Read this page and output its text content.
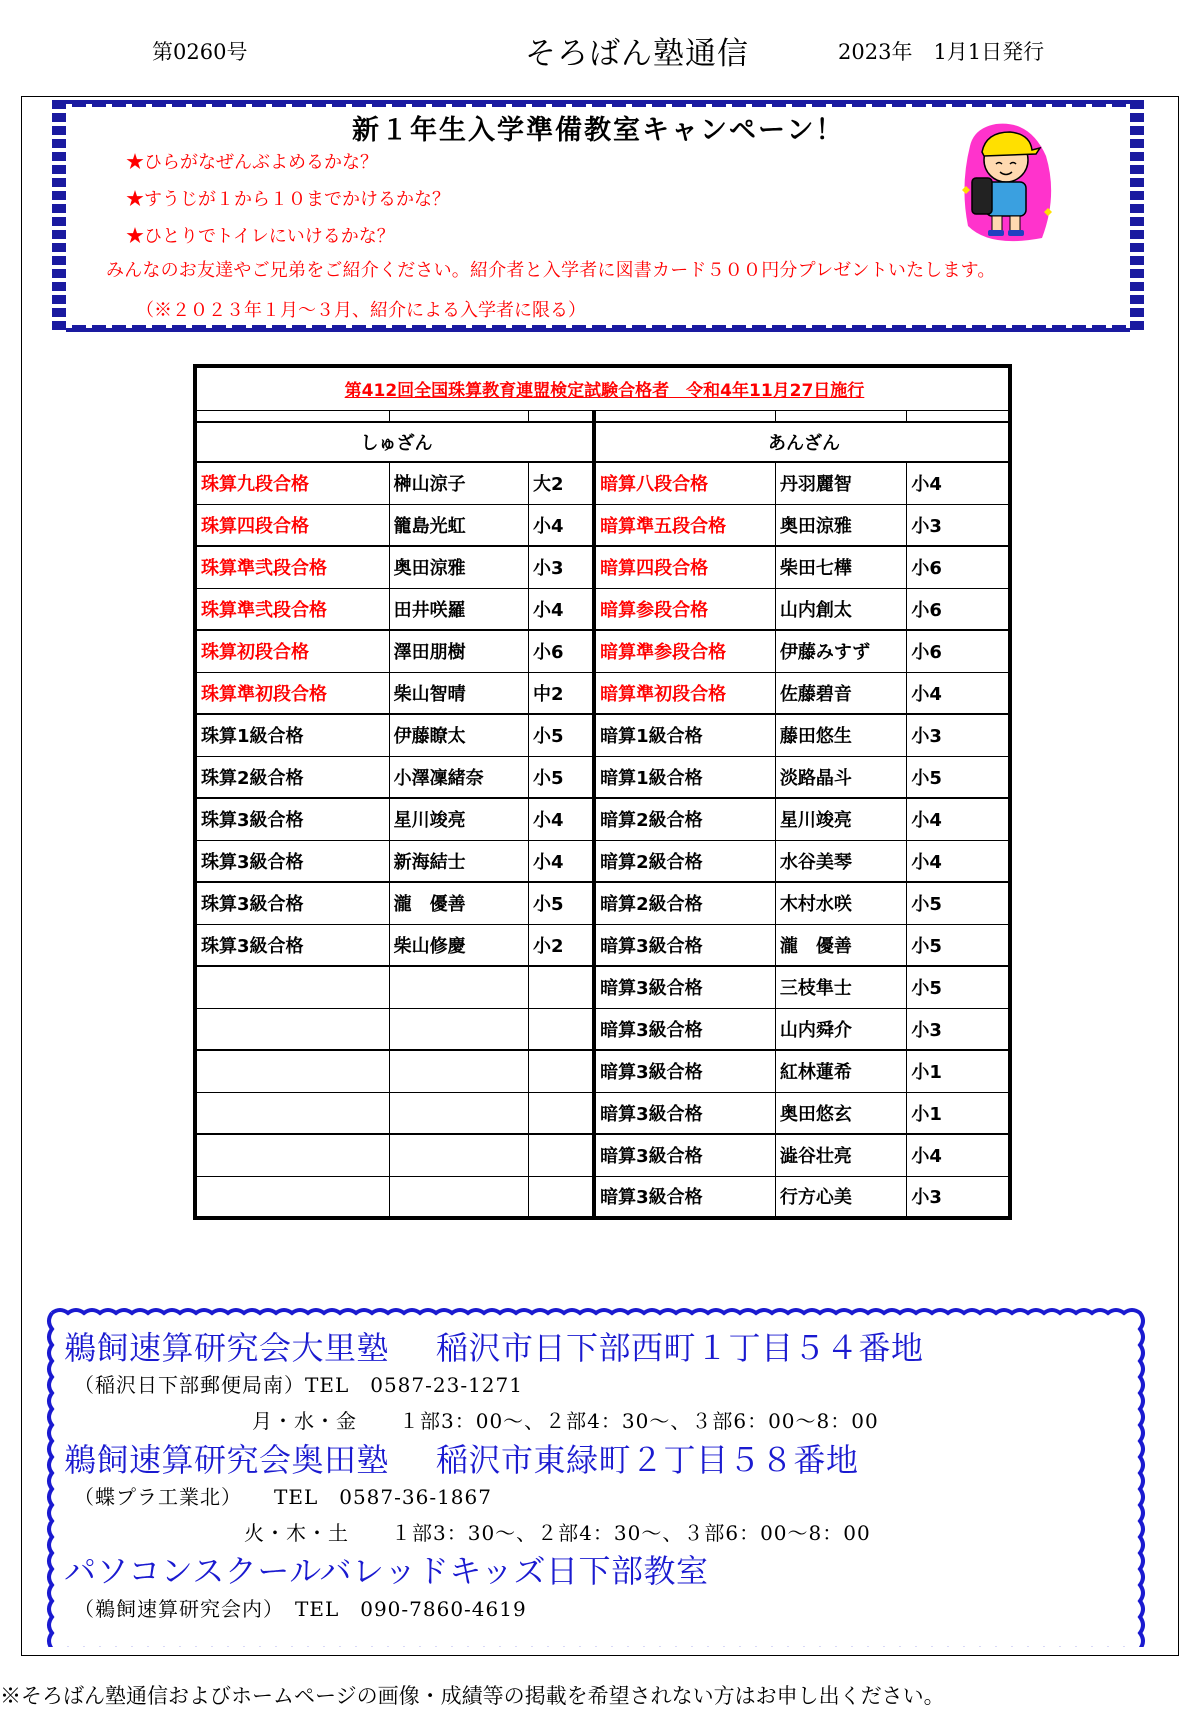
第0260号	そろばん塾通信	2023年　1月1日発行
新１年生入学準備教室キャンペーン！
★ひらがなぜんぶよめるかな？
★すうじが１から１０までかけるかな？
★ひとりでトイレにいけるかな？
みんなのお友達やご兄弟をご紹介ください。紹介者と入学者に図書カード５００円分プレゼントいたします。
（※２０２３年１月～３月、紹介による入学者に限る）
第412回全国珠算教育連盟検定試験合格者　令和4年11月27日施行					

しゅざん			あんざん		
珠算九段合格	榊山涼子	大2	暗算八段合格	丹羽麗智	小4
珠算四段合格	籠島光虹	小4	暗算準五段合格	奥田涼雅	小3
珠算準弐段合格	奥田涼雅	小3	暗算四段合格	柴田七樺	小6
珠算準弐段合格	田井咲羅	小4	暗算参段合格	山内創太	小6
珠算初段合格	澤田朋樹	小6	暗算準参段合格	伊藤みすず	小6
珠算準初段合格	柴山智晴	中2	暗算準初段合格	佐藤碧音	小4
珠算1級合格	伊藤瞭太	小5	暗算1級合格	藤田悠生	小3
珠算2級合格	小澤凜緒奈	小5	暗算1級合格	淡路晶斗	小5
珠算3級合格	星川竣亮	小4	暗算2級合格	星川竣亮	小4
珠算3級合格	新海結士	小4	暗算2級合格	水谷美琴	小4
珠算3級合格	瀧　優善	小5	暗算2級合格	木村水咲	小5
珠算3級合格	柴山修慶	小2	暗算3級合格	瀧　優善	小5
			暗算3級合格	三枝隼士	小5
			暗算3級合格	山内舜介	小3
			暗算3級合格	紅林蓮希	小1
			暗算3級合格	奥田悠玄	小1
			暗算3級合格	澁谷壮亮	小4
			暗算3級合格	行方心美	小3
鵜飼速算研究会大里塾 稲沢市日下部西町１丁目５４番地
（稲沢日下部郵便局南）TEL　0587-23-1271
月・水・金　　１部3：00～、２部4：30～、３部6：00～8：00
鵜飼速算研究会奥田塾 稲沢市東緑町２丁目５８番地
（蝶プラ工業北）　　TEL　0587-36-1867
火・木・土　　１部3：30～、２部4：30～、３部6：00～8：00
パソコンスクールバレッドキッズ日下部教室
（鵜飼速算研究会内）　TEL　090-7860-4619
※そろばん塾通信およびホームページの画像・成績等の掲載を希望されない方はお申し出ください。
